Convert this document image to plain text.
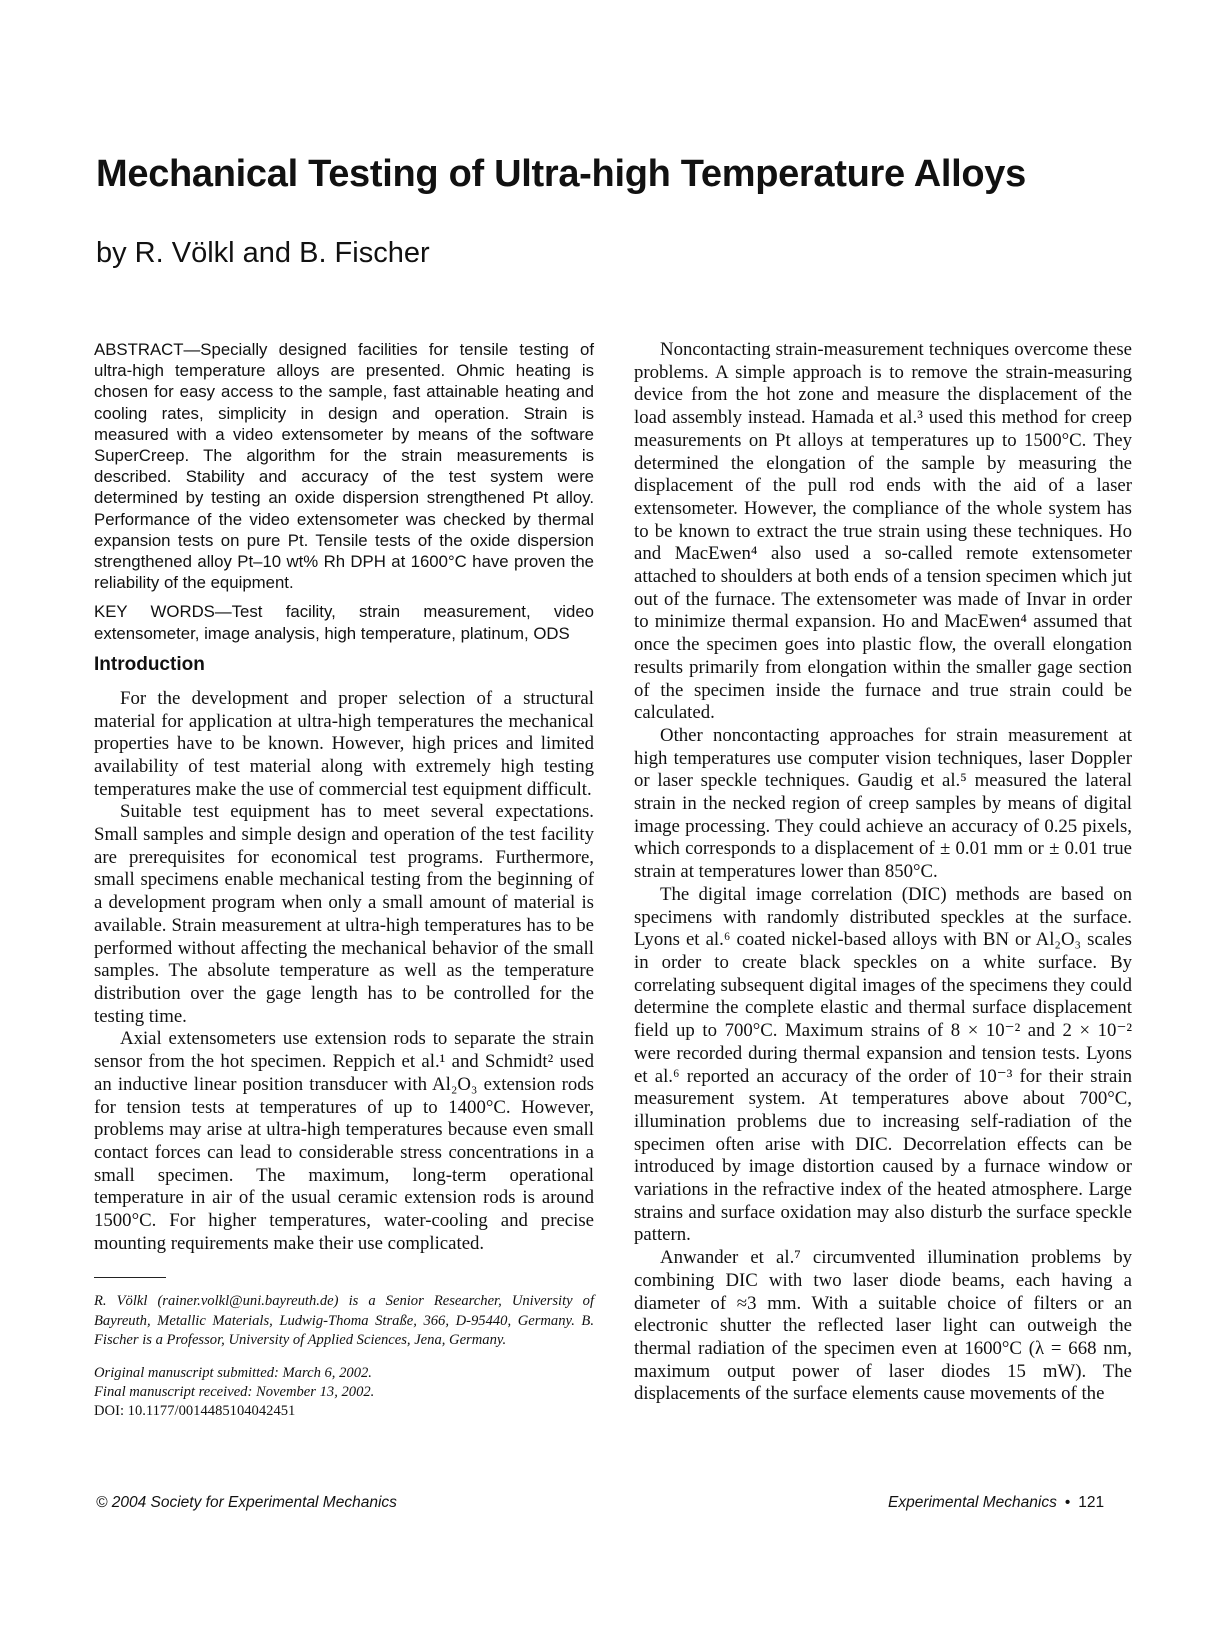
Mechanical Testing of Ultra-high Temperature Alloys
by R. Völkl and B. Fischer

ABSTRACT—Specially designed facilities for tensile testing of ultra-high temperature alloys are presented. Ohmic heating is chosen for easy access to the sample, fast attainable heating and cooling rates, simplicity in design and operation. Strain is measured with a video extensometer by means of the software SuperCreep. The algorithm for the strain measurements is described. Stability and accuracy of the test system were determined by testing an oxide dispersion strengthened Pt alloy. Performance of the video extensometer was checked by thermal expansion tests on pure Pt. Tensile tests of the oxide dispersion strengthened alloy Pt–10 wt% Rh DPH at 1600°C have proven the reliability of the equipment.

KEY WORDS—Test facility, strain measurement, video extensometer, image analysis, high temperature, platinum, ODS

Introduction

For the development and proper selection of a structural material for application at ultra-high temperatures the mechanical properties have to be known. However, high prices and limited availability of test material along with extremely high testing temperatures make the use of commercial test equipment difficult.

Suitable test equipment has to meet several expectations. Small samples and simple design and operation of the test facility are prerequisites for economical test programs. Furthermore, small specimens enable mechanical testing from the beginning of a development program when only a small amount of material is available. Strain measurement at ultra-high temperatures has to be performed without affecting the mechanical behavior of the small samples. The absolute temperature as well as the temperature distribution over the gage length has to be controlled for the testing time.

Axial extensometers use extension rods to separate the strain sensor from the hot specimen. Reppich et al.¹ and Schmidt² used an inductive linear position transducer with Al₂O₃ extension rods for tension tests at temperatures of up to 1400°C. However, problems may arise at ultra-high temperatures because even small contact forces can lead to considerable stress concentrations in a small specimen. The maximum, long-term operational temperature in air of the usual ceramic extension rods is around 1500°C. For higher temperatures, water-cooling and precise mounting requirements make their use complicated.

R. Völkl (rainer.volkl@uni.bayreuth.de) is a Senior Researcher, University of Bayreuth, Metallic Materials, Ludwig-Thoma Straße, 366, D-95440, Germany. B. Fischer is a Professor, University of Applied Sciences, Jena, Germany.

Original manuscript submitted: March 6, 2002.

Final manuscript received: November 13, 2002.

DOI: 10.1177/0014485104042451

Noncontacting strain-measurement techniques overcome these problems. A simple approach is to remove the strain-measuring device from the hot zone and measure the displacement of the load assembly instead. Hamada et al.³ used this method for creep measurements on Pt alloys at temperatures up to 1500°C. They determined the elongation of the sample by measuring the displacement of the pull rod ends with the aid of a laser extensometer. However, the compliance of the whole system has to be known to extract the true strain using these techniques. Ho and MacEwen⁴ also used a so-called remote extensometer attached to shoulders at both ends of a tension specimen which jut out of the furnace. The extensometer was made of Invar in order to minimize thermal expansion. Ho and MacEwen⁴ assumed that once the specimen goes into plastic flow, the overall elongation results primarily from elongation within the smaller gage section of the specimen inside the furnace and true strain could be calculated.

Other noncontacting approaches for strain measurement at high temperatures use computer vision techniques, laser Doppler or laser speckle techniques. Gaudig et al.⁵ measured the lateral strain in the necked region of creep samples by means of digital image processing. They could achieve an accuracy of 0.25 pixels, which corresponds to a displacement of ± 0.01 mm or ± 0.01 true strain at temperatures lower than 850°C.

The digital image correlation (DIC) methods are based on specimens with randomly distributed speckles at the surface. Lyons et al.⁶ coated nickel-based alloys with BN or Al₂O₃ scales in order to create black speckles on a white surface. By correlating subsequent digital images of the specimens they could determine the complete elastic and thermal surface displacement field up to 700°C. Maximum strains of 8 × 10⁻² and 2 × 10⁻² were recorded during thermal expansion and tension tests. Lyons et al.⁶ reported an accuracy of the order of 10⁻³ for their strain measurement system. At temperatures above about 700°C, illumination problems due to increasing self-radiation of the specimen often arise with DIC. Decorrelation effects can be introduced by image distortion caused by a furnace window or variations in the refractive index of the heated atmosphere. Large strains and surface oxidation may also disturb the surface speckle pattern.

Anwander et al.⁷ circumvented illumination problems by combining DIC with two laser diode beams, each having a diameter of ≈3 mm. With a suitable choice of filters or an electronic shutter the reflected laser light can outweigh the thermal radiation of the specimen even at 1600°C (λ = 668 nm, maximum output power of laser diodes 15 mW). The displacements of the surface elements cause movements of the

© 2004 Society for Experimental Mechanics	Experimental Mechanics • 121
